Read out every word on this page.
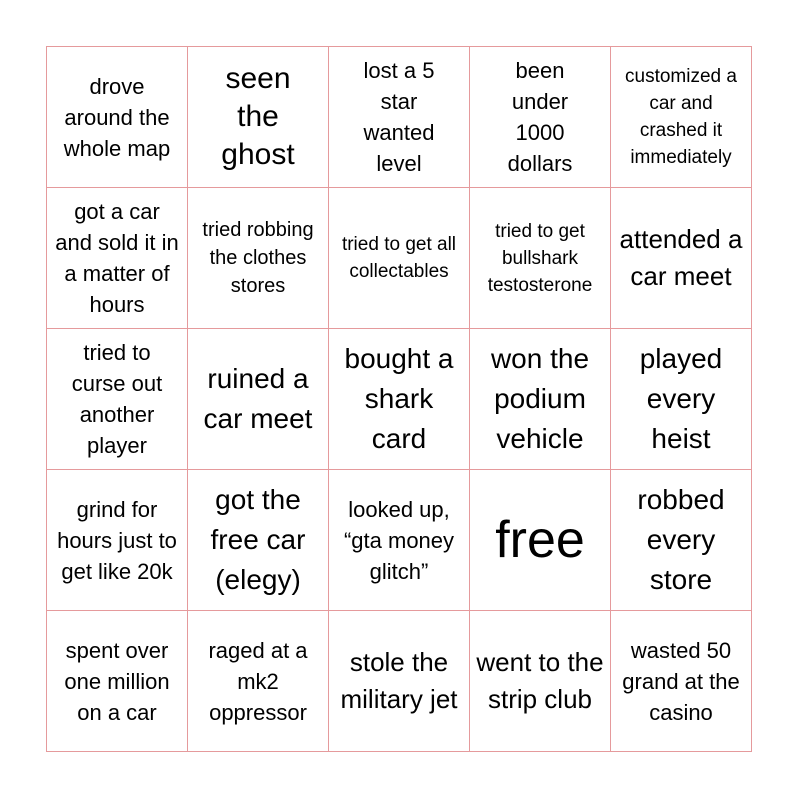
drove around the whole map
seen the ghost
lost a 5 star wanted level
been under 1000 dollars
customized a car and crashed it immediately
got a car and sold it in a matter of hours
tried robbing the clothes stores
tried to get all collectables
tried to get bullshark testosterone
attended a car meet
tried to curse out another player
ruined a car meet
bought a shark card
won the podium vehicle
played every heist
grind for hours just to get like 20k
got the free car (elegy)
looked up, “gta money glitch”
free
robbed every store
spent over one million on a car
raged at a mk2 oppressor
stole the military jet
went to the strip club
wasted 50 grand at the casino
